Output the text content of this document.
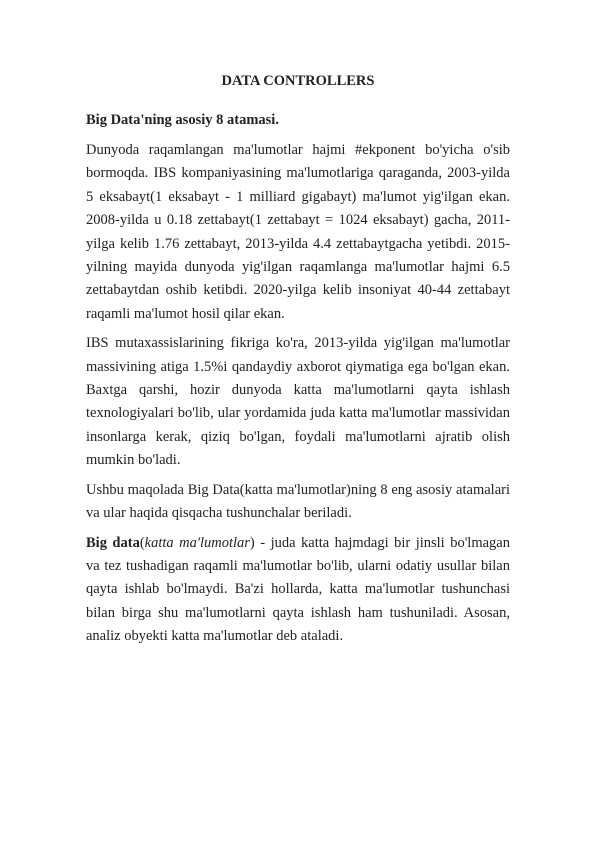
DATA CONTROLLERS
Big Data'ning asosiy 8 atamasi.

Dunyoda raqamlangan ma'lumotlar hajmi #ekponent bo'yicha o'sib bormoqda. IBS kompaniyasining ma'lumotlariga qaraganda, 2003-yilda 5 eksabayt(1 eksabayt - 1 milliard gigabayt) ma'lumot yig'ilgan ekan. 2008-yilda u 0.18 zettabayt(1 zettabayt = 1024 eksabayt) gacha, 2011-yilga kelib 1.76 zettabayt, 2013-yilda 4.4 zettabaytgacha yetibdi. 2015-yilning mayida dunyoda yig'ilgan raqamlanga ma'lumotlar hajmi 6.5 zettabaytdan oshib ketibdi. 2020-yilga kelib insoniyat 40-44 zettabayt raqamli ma'lumot hosil qilar ekan.

IBS mutaxassislarining fikriga ko'ra, 2013-yilda yig'ilgan ma'lumotlar massivining atiga 1.5%i qandaydiy axborot qiymatiga ega bo'lgan ekan. Baxtga qarshi, hozir dunyoda katta ma'lumotlarni qayta ishlash texnologiyalari bo'lib, ular yordamida juda katta ma'lumotlar massividan insonlarga kerak, qiziq bo'lgan, foydali ma'lumotlarni ajratib olish mumkin bo'ladi.

Ushbu maqolada Big Data(katta ma'lumotlar)ning 8 eng asosiy atamalari va ular haqida qisqacha tushunchalar beriladi.

Big data(katta ma'lumotlar) - juda katta hajmdagi bir jinsli bo'lmagan va tez tushadigan raqamli ma'lumotlar bo'lib, ularni odatiy usullar bilan qayta ishlab bo'lmaydi. Ba'zi hollarda, katta ma'lumotlar tushunchasi bilan birga shu ma'lumotlarni qayta ishlash ham tushuniladi. Asosan, analiz obyekti katta ma'lumotlar deb ataladi.
